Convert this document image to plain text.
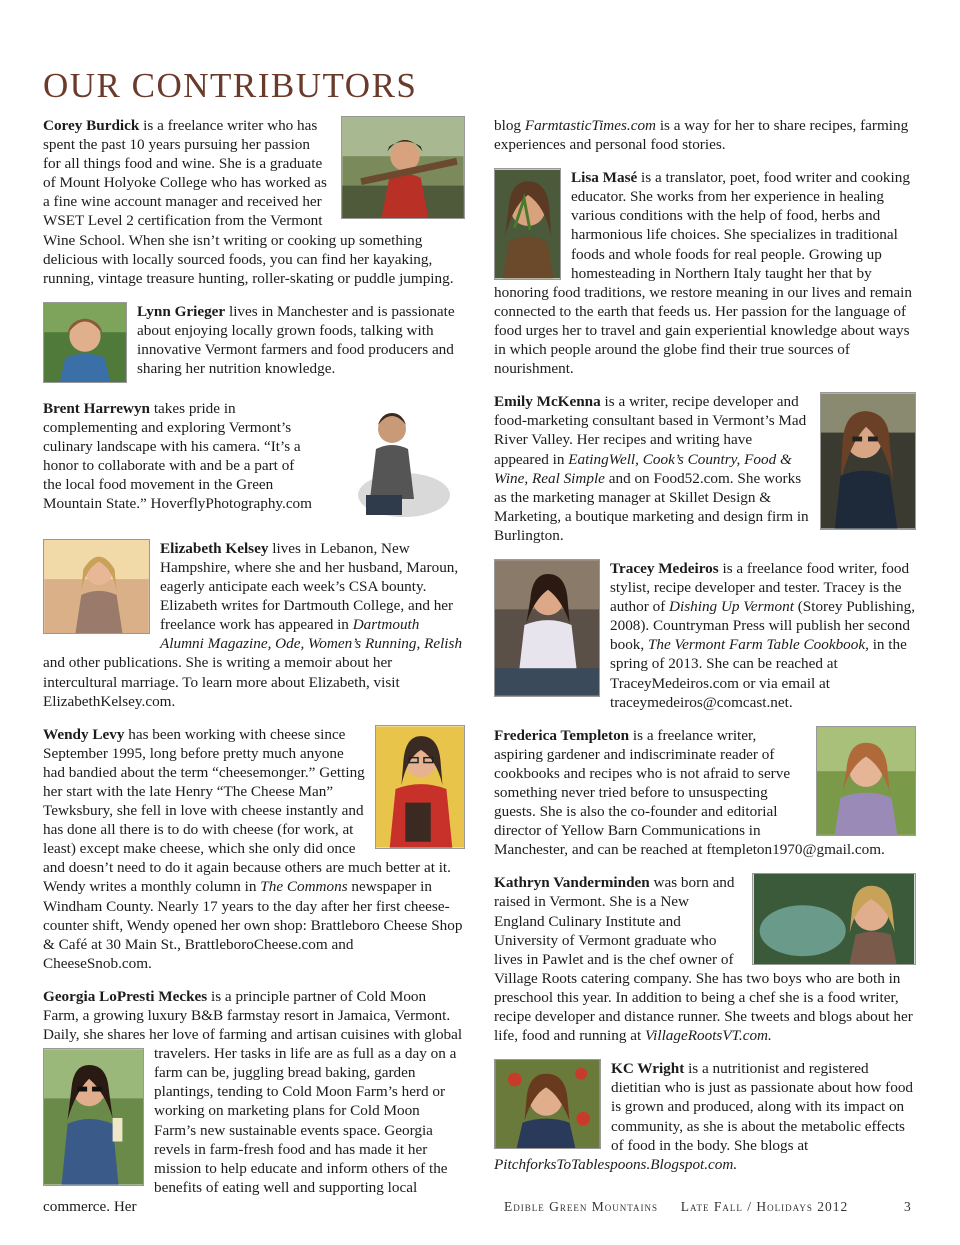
OUR CONTRIBUTORS

Corey Burdick is a freelance writer who has spent the past 10 years pursuing her passion for all things food and wine. She is a graduate of Mount Holyoke College who has worked as a fine wine account manager and received her WSET Level 2 certification from the Vermont Wine School. When she isn’t writing or cooking up something delicious with locally sourced foods, you can find her kayaking, running, vintage treasure hunting, roller-skating or puddle jumping.

Lynn Grieger lives in Manchester and is passionate about enjoying locally grown foods, talking with innovative Vermont farmers and food producers and sharing her nutrition knowledge.

Brent Harrewyn takes pride in complementing and exploring Vermont’s culinary landscape with his camera. “It’s a honor to collaborate with and be a part of the local food movement in the Green Mountain State.” HoverflyPhotography.com

Elizabeth Kelsey lives in Lebanon, New Hampshire, where she and her husband, Maroun, eagerly anticipate each week’s CSA bounty. Elizabeth writes for Dartmouth College, and her freelance work has appeared in Dartmouth Alumni Magazine, Ode, Women’s Running, Relish and other publications. She is writing a memoir about her intercultural marriage. To learn more about Elizabeth, visit ElizabethKelsey.com.

Wendy Levy has been working with cheese since September 1995, long before pretty much anyone had bandied about the term “cheesemonger.” Getting her start with the late Henry “The Cheese Man” Tewksbury, she fell in love with cheese instantly and has done all there is to do with cheese (for work, at least) except make cheese, which she only did once and doesn’t need to do it again because others are much better at it. Wendy writes a monthly column in The Commons newspaper in Windham County. Nearly 17 years to the day after her first cheese-counter shift, Wendy opened her own shop: Brattleboro Cheese Shop & Café at 30 Main St., BrattleboroCheese.com and CheeseSnob.com.

Georgia LoPresti Meckes is a principle partner of Cold Moon Farm, a growing luxury B&B farmstay resort in Jamaica, Vermont. Daily, she shares her love of farming and artisan cuisines with global travelers.
Her tasks in life are as full as a day on a farm can be, juggling bread baking, garden plantings, tending to Cold Moon Farm’s herd or working on marketing plans for Cold Moon Farm’s new sustainable events space. Georgia revels in farm-fresh food and has made it her mission to help educate and inform others of the benefits of eating well and supporting local commerce. Her

blog FarmtasticTimes.com is a way for her to share recipes, farming experiences and personal food stories.

Lisa Masé is a translator, poet, food writer and cooking educator. She works from her experience in healing various conditions with the help of food, herbs and harmonious life choices. She specializes in traditional foods and whole foods for real people. Growing up homesteading in Northern Italy taught her that by honoring food traditions, we restore meaning in our lives and remain connected to the earth that feeds us. Her passion for the language of food urges her to travel and gain experiential knowledge about ways in which people around the globe find their true sources of nourishment.

Emily McKenna is a writer, recipe developer and food-marketing consultant based in Vermont’s Mad River Valley. Her recipes and writing have appeared in EatingWell, Cook’s Country, Food & Wine, Real Simple and on Food52.com. She works as the marketing manager at Skillet Design & Marketing, a boutique marketing and design firm in Burlington.

Tracey Medeiros is a freelance food writer, food stylist, recipe developer and tester. Tracey is the author of Dishing Up Vermont (Storey Publishing, 2008). Countryman Press will publish her second book, The Vermont Farm Table Cookbook, in the spring of 2013. She can be reached at TraceyMedeiros.com or via email at traceymedeiros@comcast.net.

Frederica Templeton is a freelance writer, aspiring gardener and indiscriminate reader of cookbooks and recipes who is not afraid to serve something never tried before to unsuspecting guests. She is also the co-founder and editorial director of Yellow Barn Communications in Manchester, and can be reached at ftempleton1970@gmail.com.

Kathryn Vanderminden was born and raised in Vermont. She is a New England Culinary Institute and University of Vermont graduate who lives in Pawlet and is the chef owner of Village Roots catering company. She has two boys who are both in preschool this year. In addition to being a chef she is a food writer, recipe developer and distance runner. She tweets and blogs about her life, food and running at VillageRootsVT.com.

KC Wright is a nutritionist and registered dietitian who is just as passionate about how food is grown and produced, along with its impact on community, as she is about the metabolic effects of food in the body. She blogs at PitchforksToTablespoons.Blogspot.com.

Edible Green Mountains Late Fall / Holidays 2012	3
